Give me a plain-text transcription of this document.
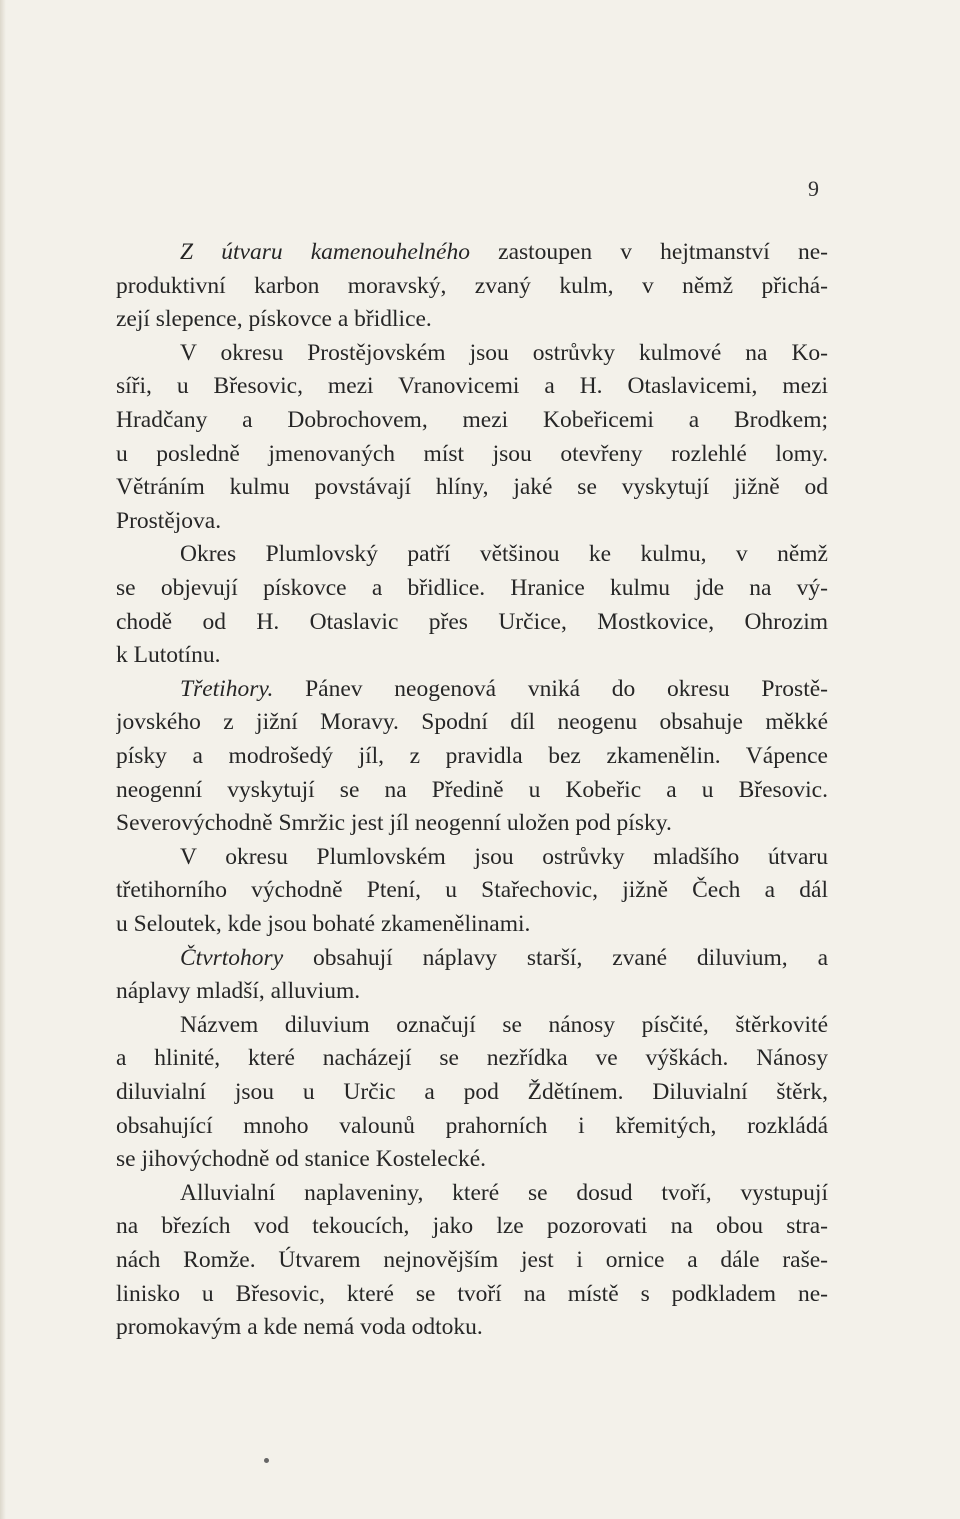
9
Z útvaru kamenouhelného zastoupen v hejtmanství ne-
produktivní karbon moravský, zvaný kulm, v němž přichá-
zejí slepence, pískovce a břidlice.
V okresu Prostějovském jsou ostrůvky kulmové na Ko-
síři, u Břesovic, mezi Vranovicemi a H. Otaslavicemi, mezi
Hradčany a Dobrochovem, mezi Kobeřicemi a Brodkem;
u posledně jmenovaných míst jsou otevřeny rozlehlé lomy.
Větráním kulmu povstávají hlíny, jaké se vyskytují jižně od
Prostějova.
Okres Plumlovský patří většinou ke kulmu, v němž
se objevují pískovce a břidlice. Hranice kulmu jde na vý-
chodě od H. Otaslavic přes Určice, Mostkovice, Ohrozim
k Lutotínu.
Třetihory. Pánev neogenová vniká do okresu Prostě-
jovského z jižní Moravy. Spodní díl neogenu obsahuje měkké
písky a modrošedý jíl, z pravidla bez zkamenělin. Vápence
neogenní vyskytují se na Předině u Kobeřic a u Břesovic.
Severovýchodně Smržic jest jíl neogenní uložen pod písky.
V okresu Plumlovském jsou ostrůvky mladšího útvaru
třetihorního východně Ptení, u Stařechovic, jižně Čech a dál
u Seloutek, kde jsou bohaté zkamenělinami.
Čtvrtohory obsahují náplavy starší, zvané diluvium, a
náplavy mladší, alluvium.
Názvem diluvium označují se nánosy písčité, štěrkovité
a hlinité, které nacházejí se nezřídka ve výškách. Nánosy
diluvialní jsou u Určic a pod Ždětínem. Diluvialní štěrk,
obsahující mnoho valounů prahorních i křemitých, rozkládá
se jihovýchodně od stanice Kostelecké.
Alluvialní naplaveniny, které se dosud tvoří, vystupují
na březích vod tekoucích, jako lze pozorovati na obou stra-
nách Romže. Útvarem nejnovějším jest i ornice a dále raše-
linisko u Břesovic, které se tvoří na místě s podkladem ne-
promokavým a kde nemá voda odtoku.
